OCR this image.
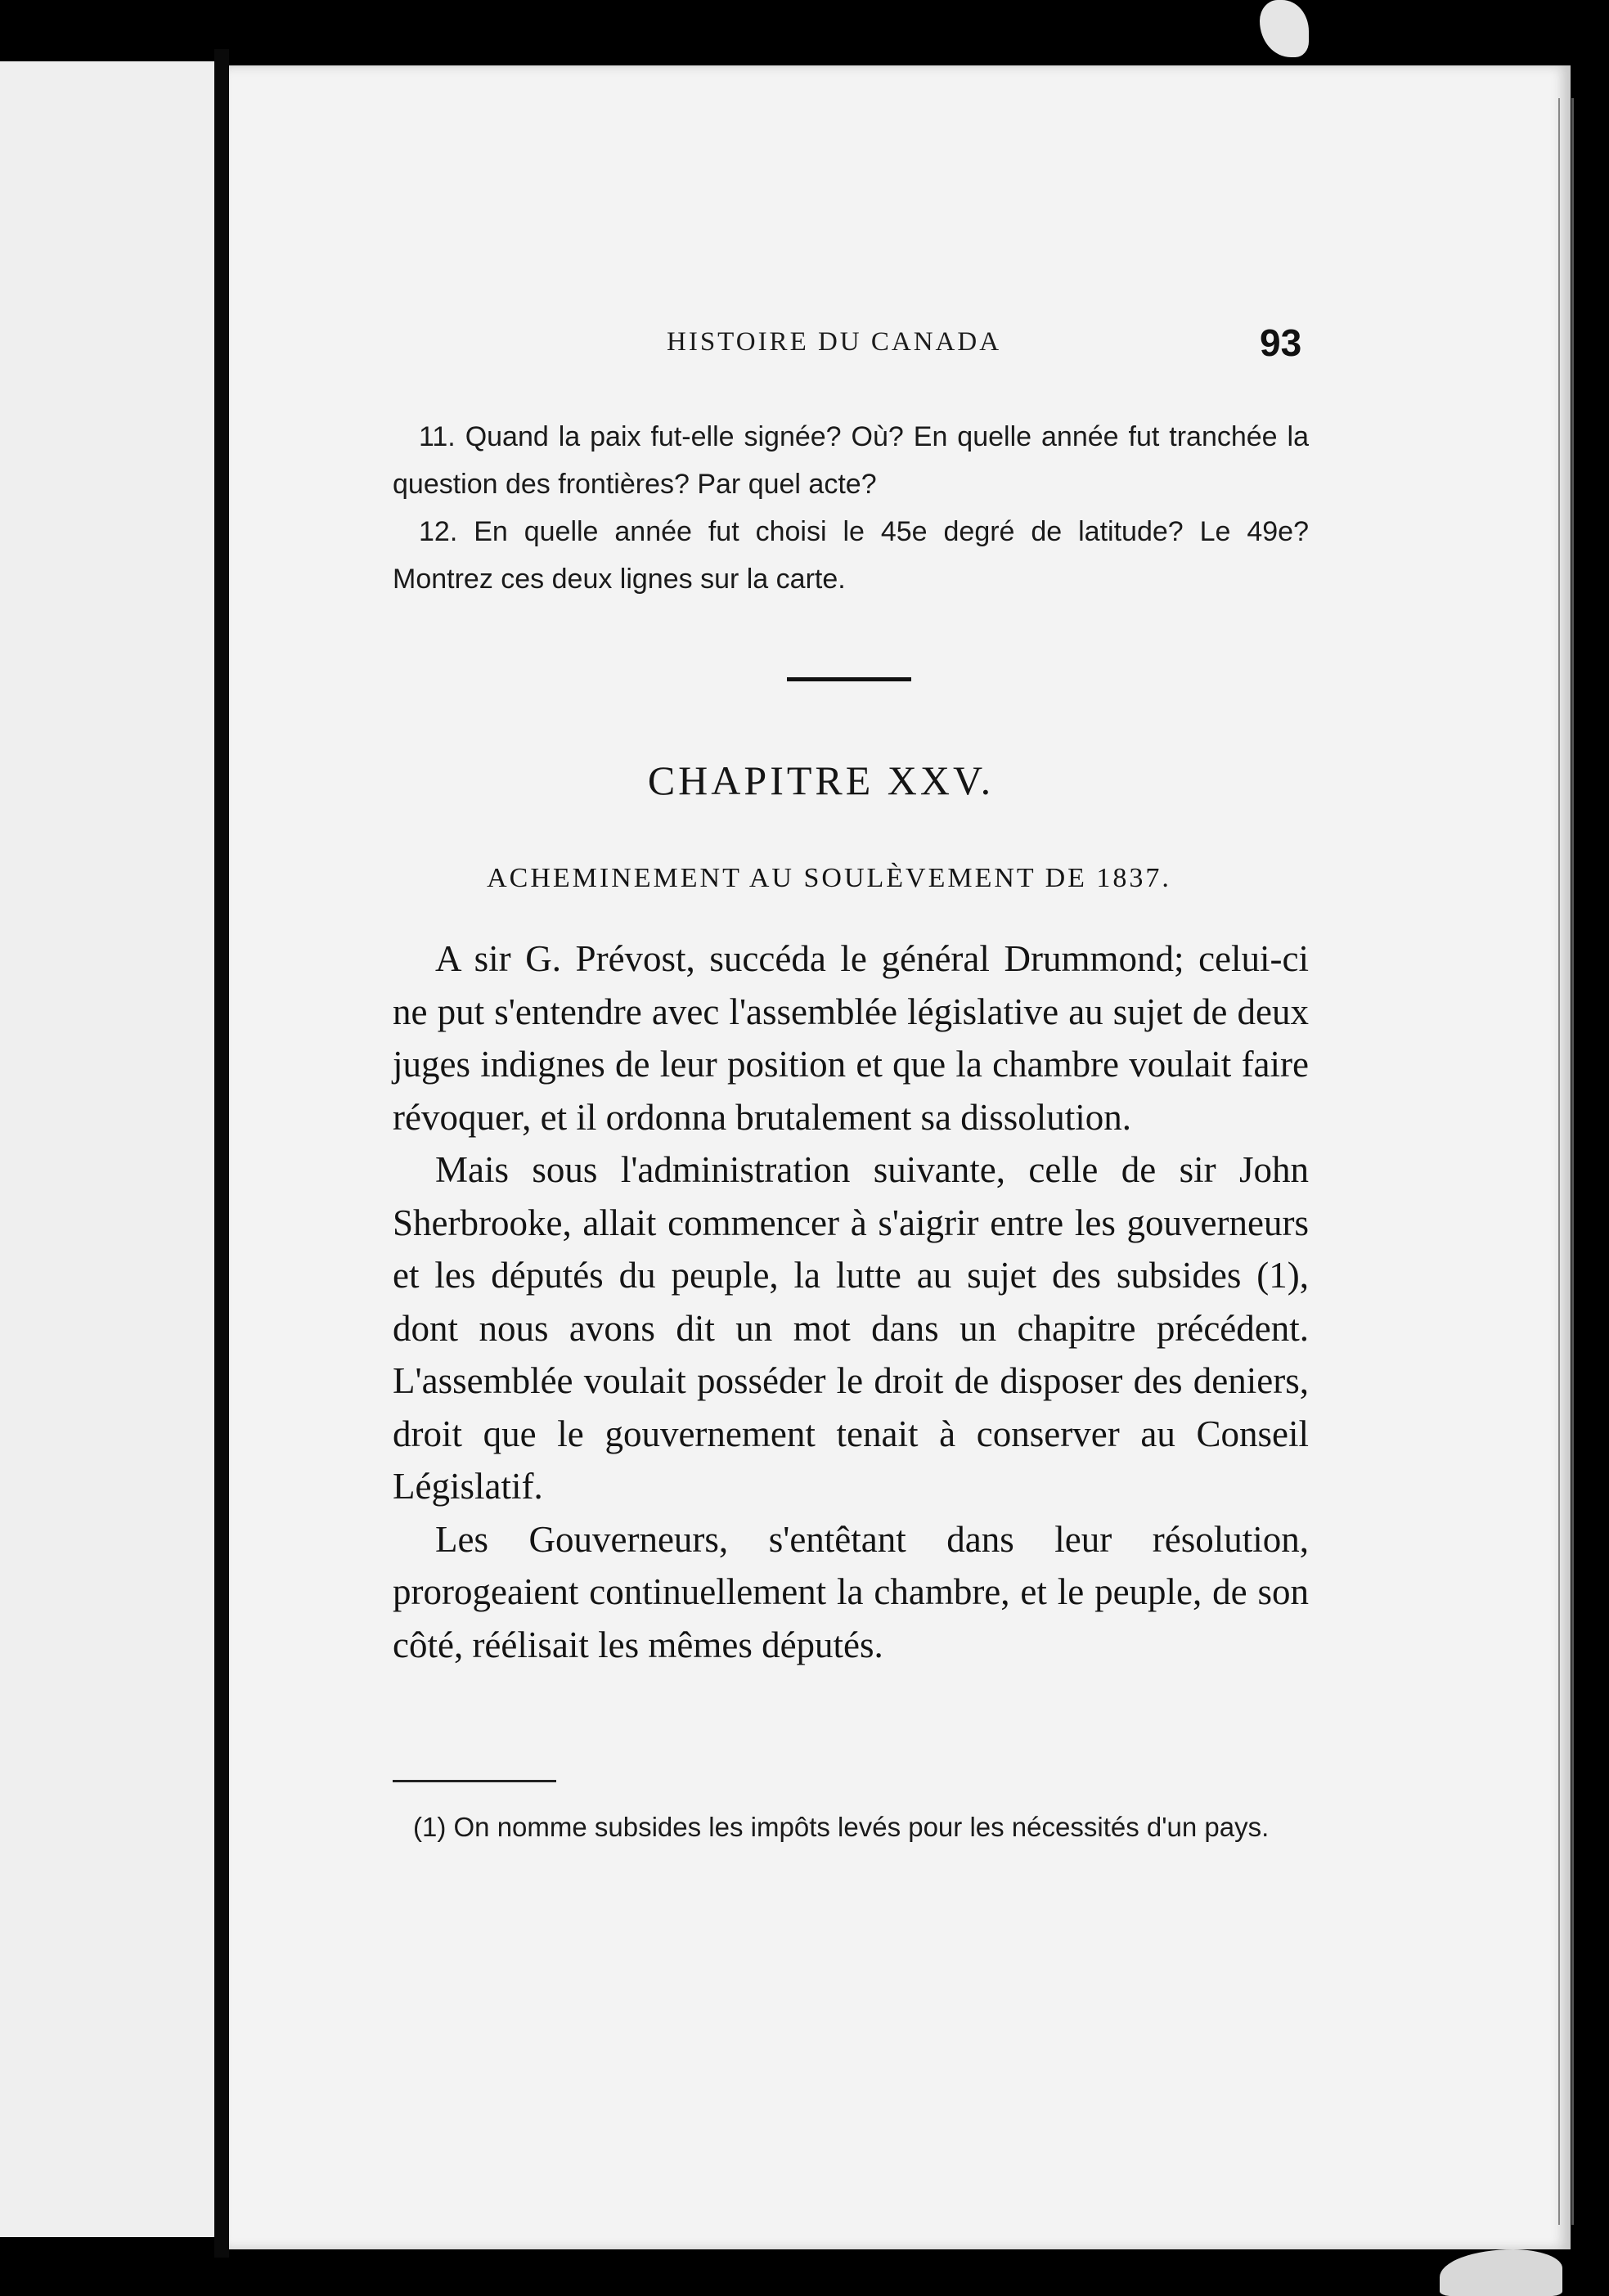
HISTOIRE DU CANADA	93

11. Quand la paix fut-elle signée? Où? En quelle année fut tranchée la question des frontières? Par quel acte?

12. En quelle année fut choisi le 45e degré de latitude? Le 49e? Montrez ces deux lignes sur la carte.

CHAPITRE XXV.
ACHEMINEMENT AU SOULÈVEMENT DE 1837.

A sir G. Prévost, succéda le général Drummond; celui-ci ne put s'entendre avec l'assemblée législative au sujet de deux juges indignes de leur position et que la chambre voulait faire révoquer, et il ordonna brutalement sa dissolution.

Mais sous l'administration suivante, celle de sir John Sherbrooke, allait commencer à s'aigrir entre les gouverneurs et les députés du peuple, la lutte au sujet des subsides (1), dont nous avons dit un mot dans un chapitre précédent. L'assemblée voulait posséder le droit de disposer des deniers, droit que le gouvernement tenait à conserver au Conseil Législatif.

Les Gouverneurs, s'entêtant dans leur résolution, prorogeaient continuellement la chambre, et le peuple, de son côté, réélisait les mêmes députés.

(1) On nomme subsides les impôts levés pour les nécessités d'un pays.
